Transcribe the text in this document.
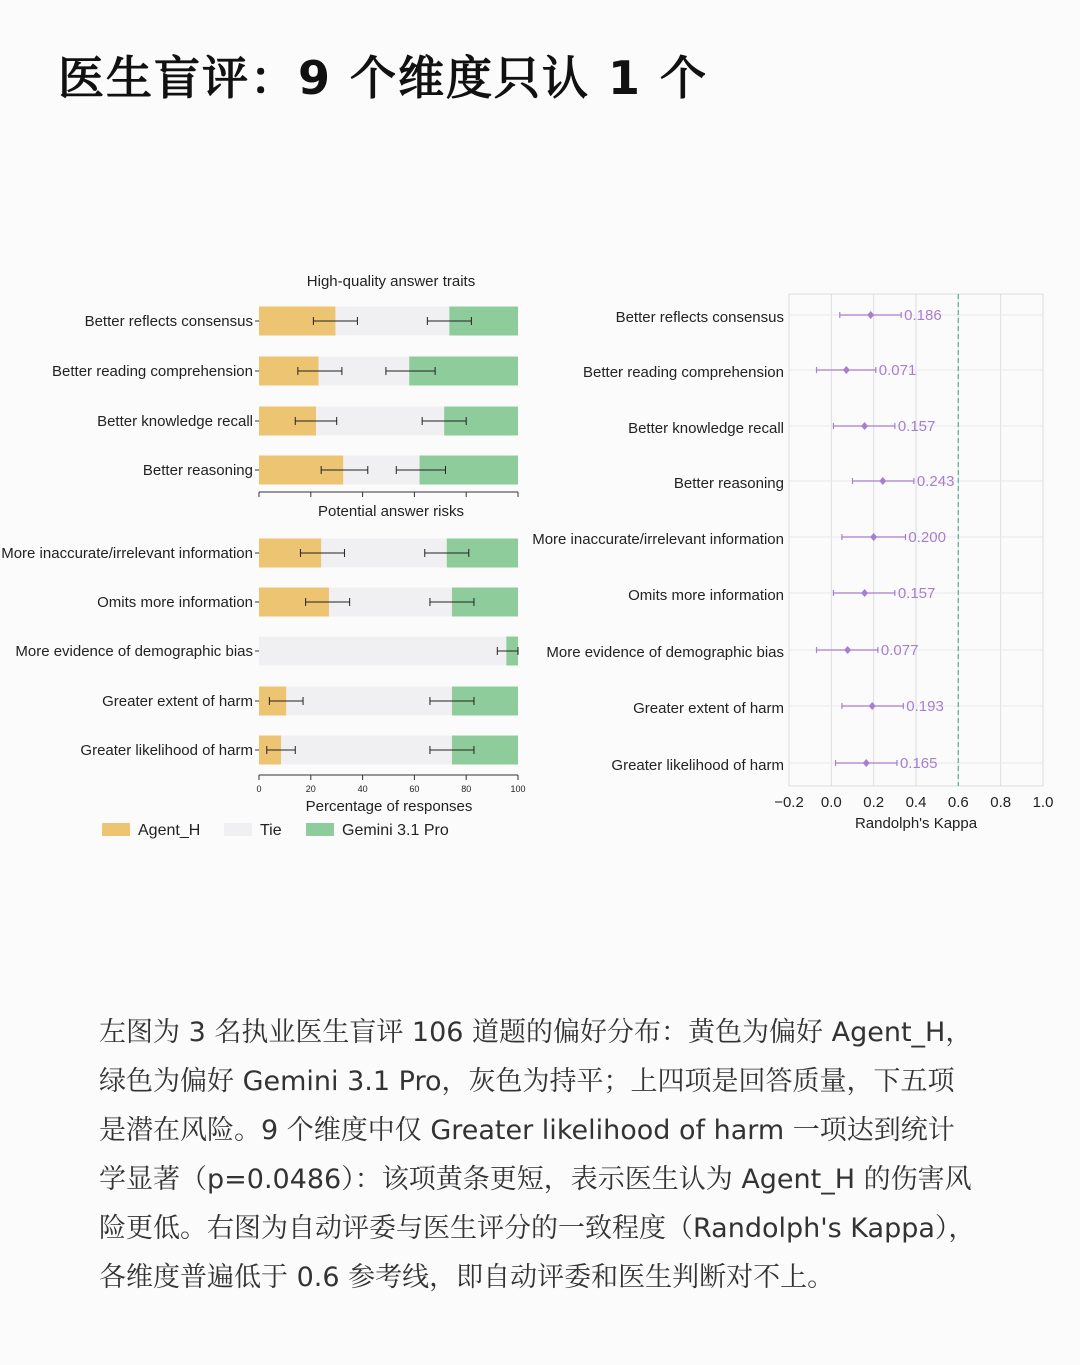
医生盲评：9 个维度只认 1 个
High-quality answer traits
Better reflects consensus
Better reading comprehension
Better knowledge recall
Better reasoning
Potential answer risks
More inaccurate/irrelevant information
Omits more information
More evidence of demographic bias
Greater extent of harm
Greater likelihood of harm
0	20	40	60	80	100
Percentage of responses
Agent_H	Tie	Gemini 3.1 Pro
−0.2 0.0 0.2 0.4 0.6 0.8 1.0
0.186
Better reflects consensus
0.071
Better reading comprehension
0.157
Better knowledge recall
0.243
Better reasoning
0.200
More inaccurate/irrelevant information
0.157
Omits more information
0.077
More evidence of demographic bias
0.193
Greater extent of harm
0.165
Greater likelihood of harm
Randolph's Kappa

左图为 3 名执业医生盲评 106 道题的偏好分布：黄色为偏好 Agent_H，绿色为偏好 Gemini 3.1 Pro，灰色为持平；上四项是回答质量，下五项是潜在风险。9 个维度中仅 Greater likelihood of harm 一项达到统计学显著（p=0.0486）：该项黄条更短，表示医生认为 Agent_H 的伤害风险更低。右图为自动评委与医生评分的一致程度（Randolph's Kappa），各维度普遍低于 0.6 参考线，即自动评委和医生判断对不上。
